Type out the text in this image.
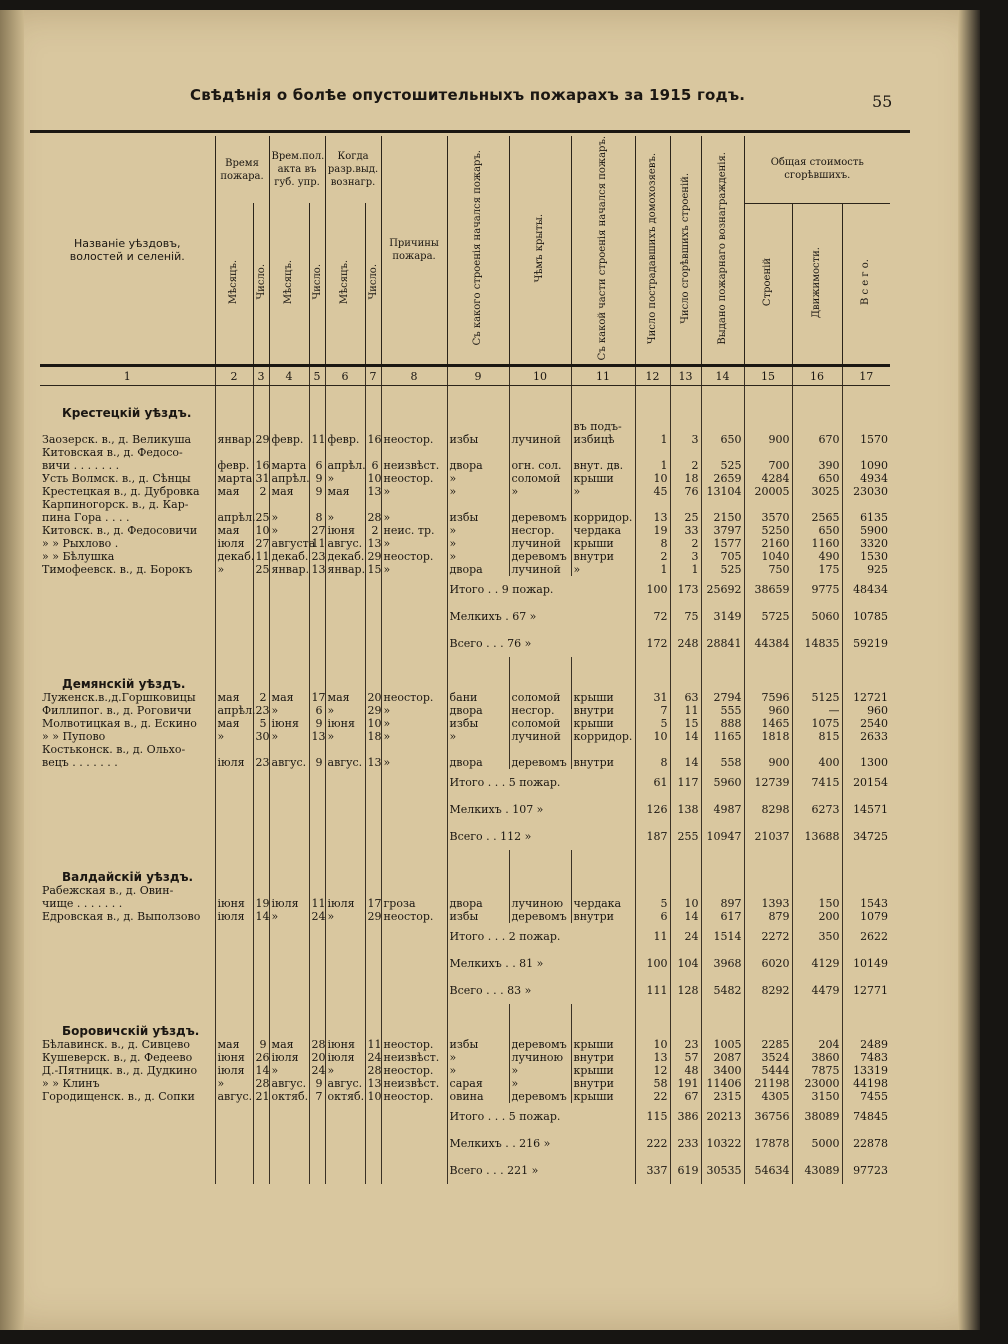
Свѣдѣнія о болѣе опустошительныхъ пожарахъ за 1915 годъ.	55
Названіе уѣздовъ,
волостей и селеній.	Время пожара.		Врем.пол. акта въ губ. упр.		Когда разр.выд. вознагр.		Причины пожара.	Съ какого строенія началcя пожаръ.	Чѣмъ крыты.	Съ какой части строенія начался пожаръ.	Число пострадавшихъ домохозяевъ.	Число сгорѣвшихъ строеній.	Выдано пожарнаго вознагражденія.	Общая стоимость сгорѣвшихъ.		
	Мѣсяцъ.	Число.	Мѣсяцъ.	Число.	Мѣсяцъ.	Число.								Строеній	Движимости.	В с е г о.
1	2	3	4	5	6	7	8	9	10	11	12	13	14	15	16	17
Крестецкій уѣздъ.																
										въ подъ-						
Заозерск. в., д. Великуша	январ.	29	февр.	11	февр.	16	неостор.	избы	лучиной	избицѣ	1	3	650	900	670	1570
Китовская в., д. Федосо-																
вичи . . . . . . .	февр.	16	марта	6	апрѣл.	6	неизвѣст.	двора	огн. сол.	внут. дв.	1	2	525	700	390	1090
Усть Волмск. в., д. Сѣнцы	марта	31	апрѣл.	9	»	10	неостор.	»	соломой	крыши	10	18	2659	4284	650	4934
Крестецкая в., д. Дубровка	мая	2	мая	9	мая	13	»	»	»	»	45	76	13104	20005	3025	23030
Карпиногорск. в., д. Кар-																
пина Гора . . . .	апрѣл.	25	»	8	»	28	»	избы	деревомъ	корридор.	13	25	2150	3570	2565	6135
Китовск. в., д. Федосовичи	мая	10	»	27	іюня	2	неис. тр.	»	несгор.	чердака	19	33	3797	5250	650	5900
» » Рыхлово .	іюля	27	августа	11	авгус.	13	»	»	лучиной	крыши	8	2	1577	2160	1160	3320
» » Бѣлушка	декаб.	11	декаб.	23	декаб.	29	неостор.	»	деревомъ	внутри	2	3	705	1040	490	1530
Тимофеевск. в., д. Борокъ	»	25	январ.	13	январ.	15	»	двора	лучиной	»	1	1	525	750	175	925
								Итого . . 9 пожар.			100	173	25692	38659	9775	48434
								Мелкихъ . 67 »			72	75	3149	5725	5060	10785
								Всего . . . 76 »			172	248	28841	44384	14835	59219
Демянскій уѣздъ.																
Луженск.в.,д.Горшковицы	мая	2	мая	17	мая	20	неостор.	бани	соломой	крыши	31	63	2794	7596	5125	12721
Филлипог. в., д. Роговичи	апрѣл.	23	»	6	»	29	»	двора	несгор.	внутри	7	11	555	960	—	960
Молвотицкая в., д. Ескино	мая	5	іюня	9	іюня	10	»	избы	соломой	крыши	5	15	888	1465	1075	2540
» » Пупово	»	30	»	13	»	18	»	»	лучиной	корридор.	10	14	1165	1818	815	2633
Костьконск. в., д. Ольхо-																
вецъ . . . . . . .	іюля	23	авгус.	9	авгус.	13	»	двора	деревомъ	внутри	8	14	558	900	400	1300
								Итого . . . 5 пожар.			61	117	5960	12739	7415	20154
								Мелкихъ . 107 »			126	138	4987	8298	6273	14571
								Всего . . 112 »			187	255	10947	21037	13688	34725
Валдайскій уѣздъ.																
Рабежская в., д. Овин-																
чище . . . . . . .	іюня	19	іюля	11	іюля	17	гроза	двора	лучиною	чердака	5	10	897	1393	150	1543
Едровская в., д. Выползово	іюля	14	»	24	»	29	неостор.	избы	деревомъ	внутри	6	14	617	879	200	1079
								Итого . . . 2 пожар.			11	24	1514	2272	350	2622
								Мелкихъ . . 81 »			100	104	3968	6020	4129	10149
								Всего . . . 83 »			111	128	5482	8292	4479	12771
Боровичскій уѣздъ.																
Бѣлавинск. в., д. Сивцево	мая	9	мая	28	іюня	11	неостор.	избы	деревомъ	крыши	10	23	1005	2285	204	2489
Кушеверск. в., д. Федеево	іюня	26	іюля	20	іюля	24	неизвѣст.	»	лучиною	внутри	13	57	2087	3524	3860	7483
Д.-Пятницк. в., д. Дудкино	іюля	14	»	24	»	28	неостор.	»	»	крыши	12	48	3400	5444	7875	13319
» » Клинъ	»	28	авгус.	9	авгус.	13	неизвѣст.	сарая	»	внутри	58	191	11406	21198	23000	44198
Городищенск. в., д. Сопки	авгус.	21	октяб.	7	октяб.	10	неостор.	овина	деревомъ	крыши	22	67	2315	4305	3150	7455
								Итого . . . 5 пожар.			115	386	20213	36756	38089	74845
								Мелкихъ . . 216 »			222	233	10322	17878	5000	22878
								Всего . . . 221 »			337	619	30535	54634	43089	97723
